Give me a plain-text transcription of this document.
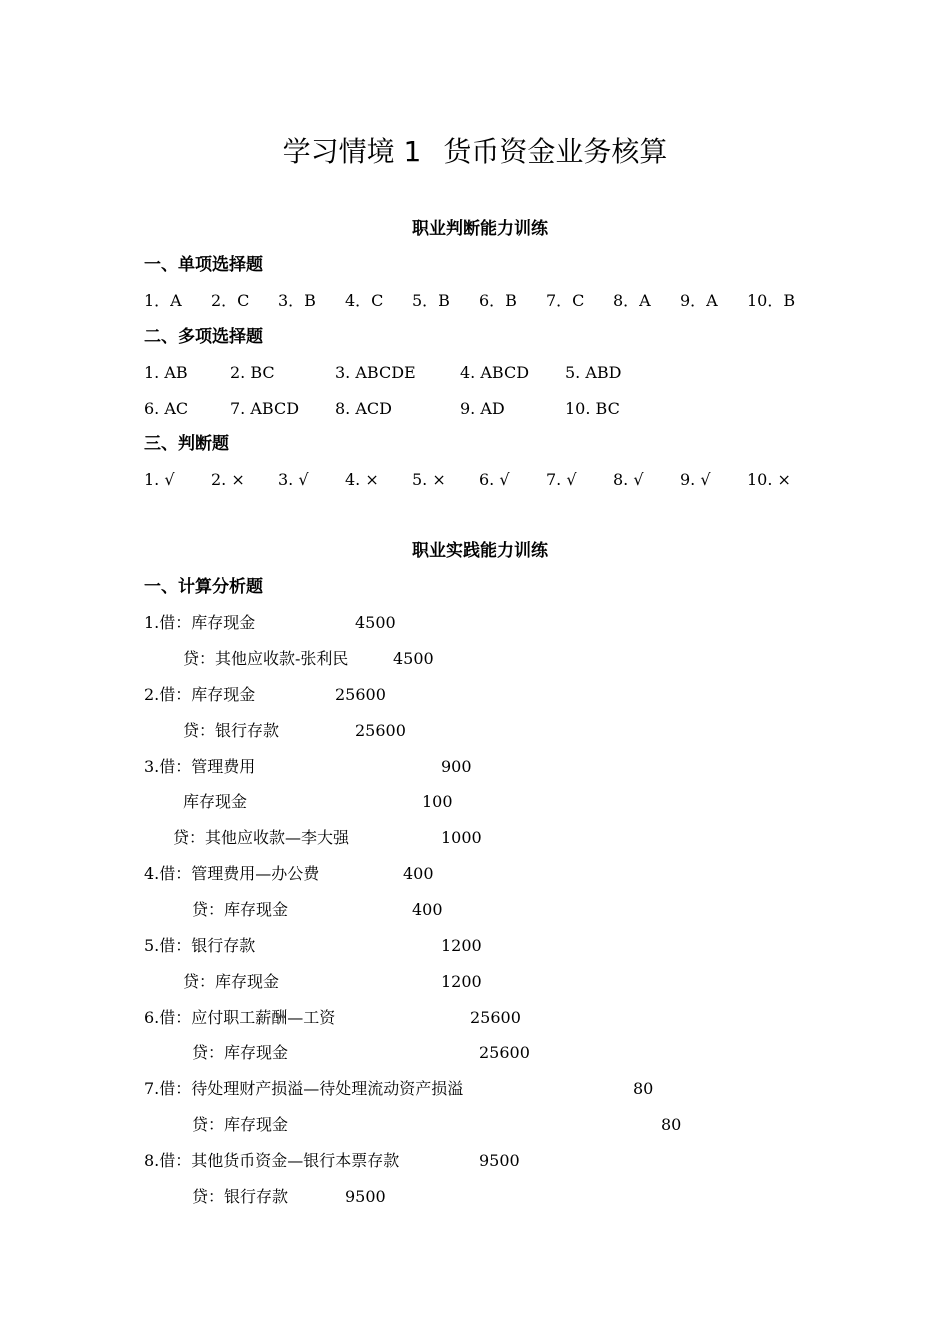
学习情境 1 货币资金业务核算
职业判断能力训练
一、单项选择题
1．A 2．C 3．B 4．C 5．B 6．B 7．C 8．A 9．A 10．B
二、多项选择题
1. AB	2. BC	3. ABCDE	4. ABCD 5. ABD
6. AC	7. ABCD 8. ACD	9. AD	10. BC
三、判断题
1. √ 2. × 3. √ 4. × 5. × 6. √ 7. √ 8. √ 9. √ 10. ×
职业实践能力训练
一、计算分析题
1.借：库存现金	4500
贷：其他应收款-张利民	4500
2.借：库存现金	25600
贷：银行存款	25600
3.借：管理费用	900
库存现金	100
贷：其他应收款—李大强	1000
4.借：管理费用—办公费	400
贷：库存现金	400
5.借：银行存款	1200
贷：库存现金	1200
6.借：应付职工薪酬—工资	25600
贷：库存现金	25600
7.借：待处理财产损溢—待处理流动资产损溢	80
贷：库存现金	80
8.借：其他货币资金—银行本票存款	9500
贷：银行存款	9500
